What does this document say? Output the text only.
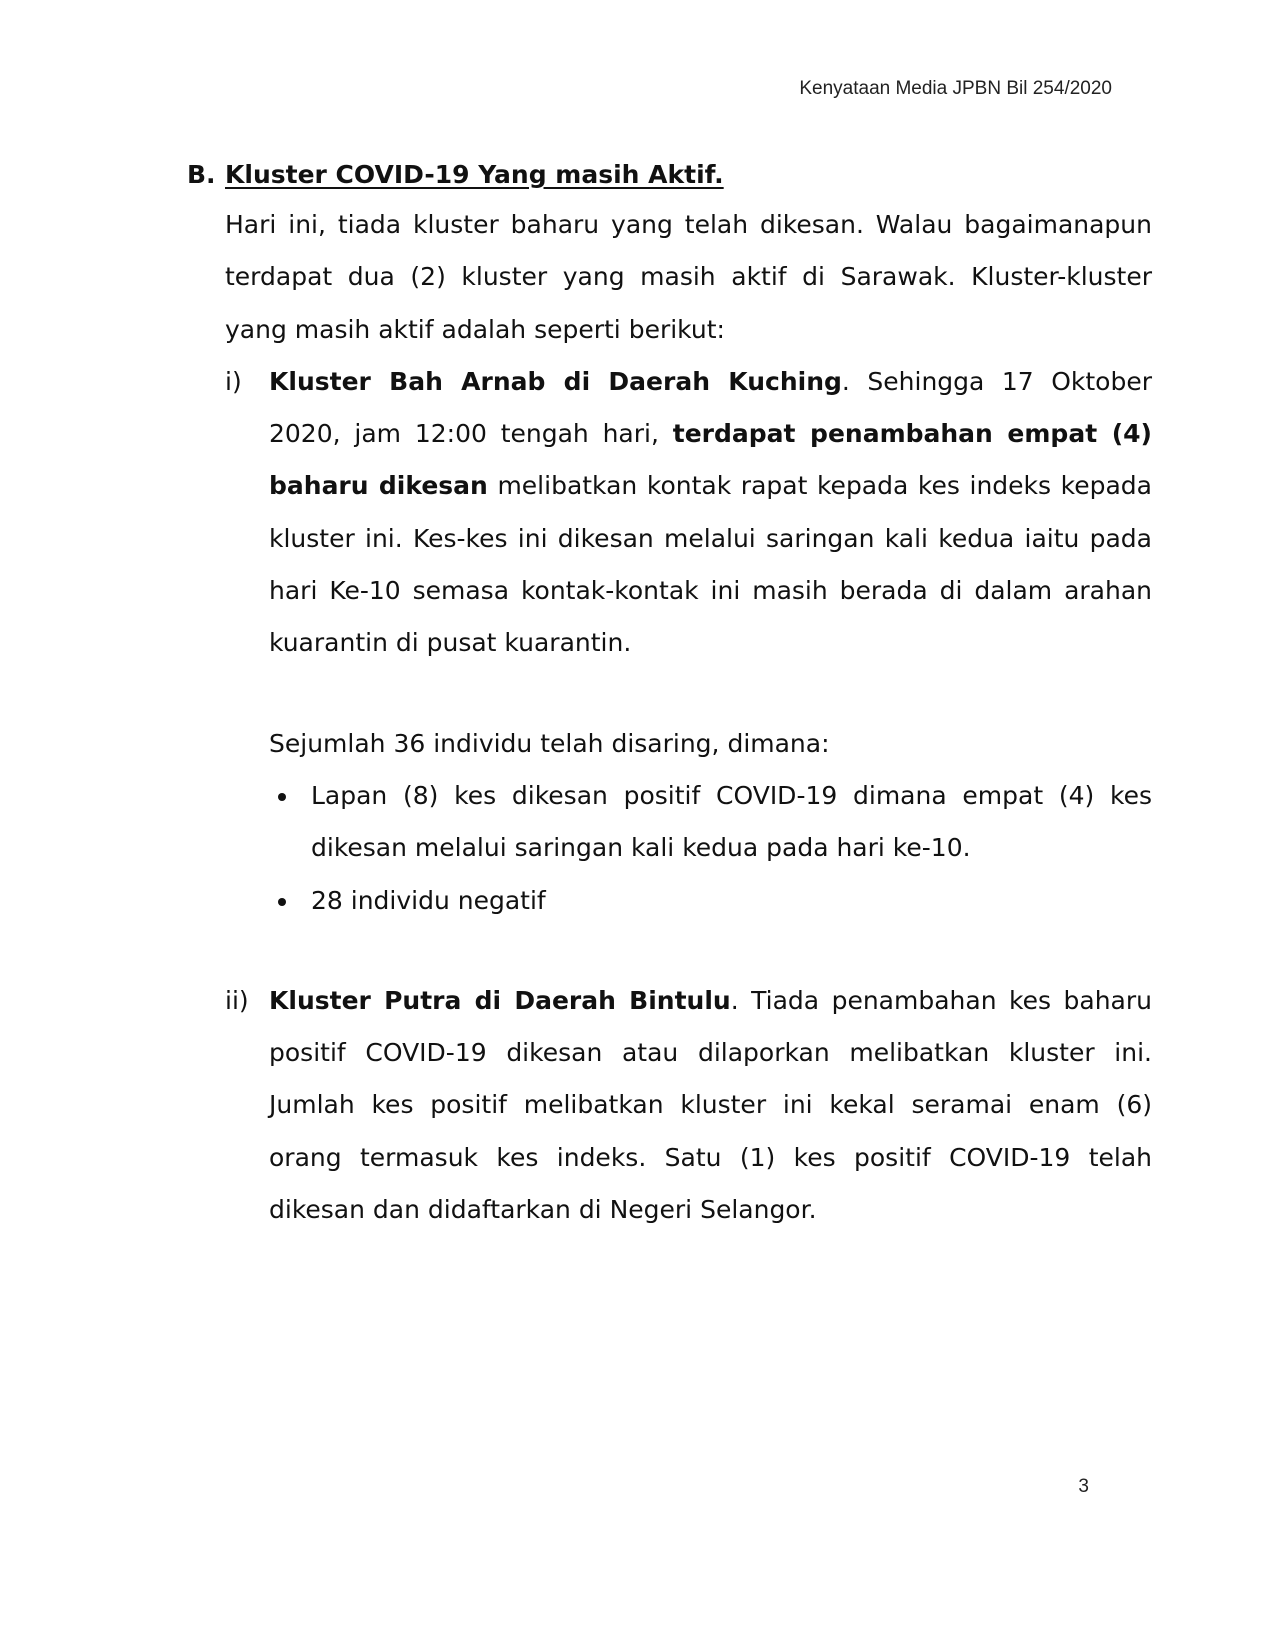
Kenyataan Media JPBN Bil 254/2020
B. Kluster COVID-19 Yang masih Aktif.

Hari ini, tiada kluster baharu yang telah dikesan. Walau bagaimanapun terdapat dua (2) kluster yang masih aktif di Sarawak. Kluster-kluster yang masih aktif adalah seperti berikut:

i) Kluster Bah Arnab di Daerah Kuching. Sehingga 17 Oktober 2020, jam 12:00 tengah hari, terdapat penambahan empat (4) baharu dikesan melibatkan kontak rapat kepada kes indeks kepada kluster ini. Kes-kes ini dikesan melalui saringan kali kedua iaitu pada hari Ke-10 semasa kontak-kontak ini masih berada di dalam arahan kuarantin di pusat kuarantin.

Sejumlah 36 individu telah disaring, dimana:

Lapan (8) kes dikesan positif COVID-19 dimana empat (4) kes dikesan melalui saringan kali kedua pada hari ke-10.
28 individu negatif
ii) Kluster Putra di Daerah Bintulu. Tiada penambahan kes baharu positif COVID-19 dikesan atau dilaporkan melibatkan kluster ini. Jumlah kes positif melibatkan kluster ini kekal seramai enam (6) orang termasuk kes indeks. Satu (1) kes positif COVID-19 telah dikesan dan didaftarkan di Negeri Selangor.

3
